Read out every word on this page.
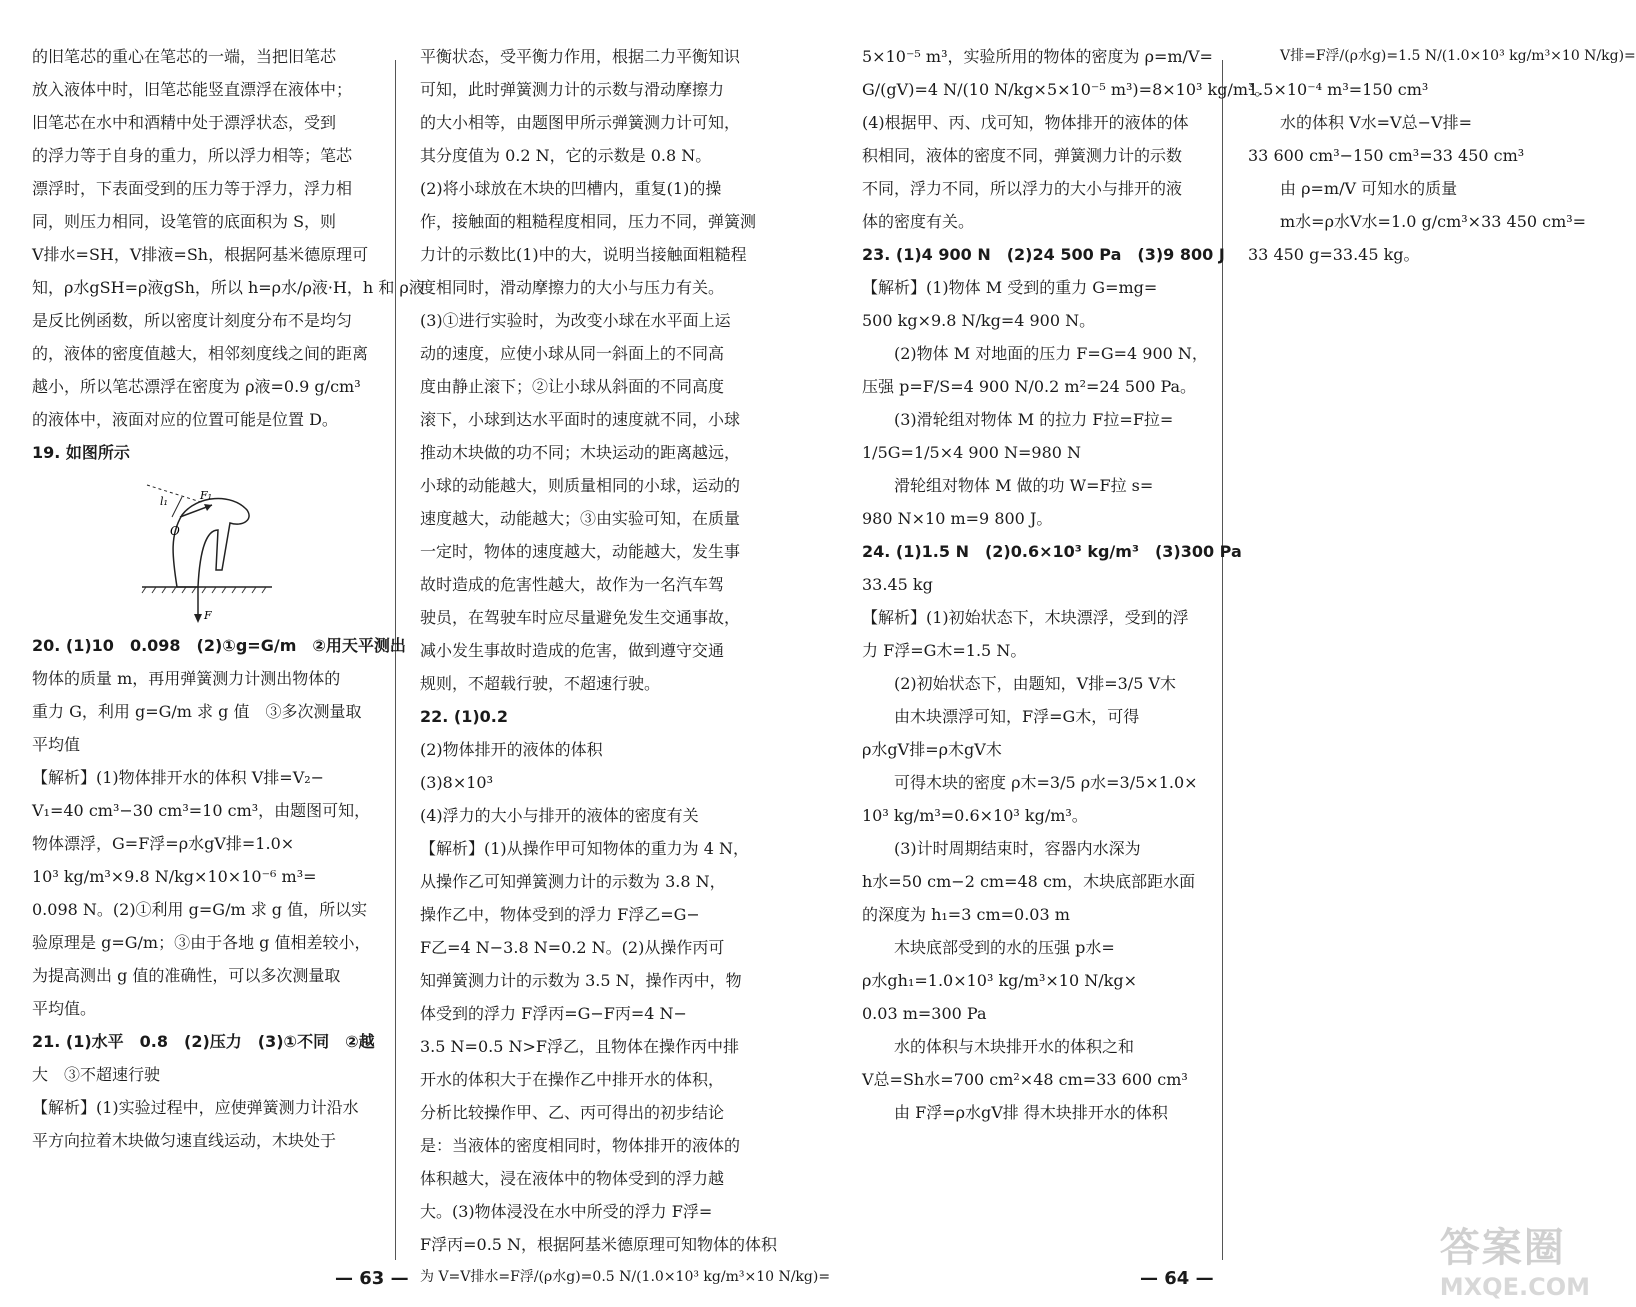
的旧笔芯的重心在笔芯的一端，当把旧笔芯
放入液体中时，旧笔芯能竖直漂浮在液体中；
旧笔芯在水中和酒精中处于漂浮状态，受到
的浮力等于自身的重力，所以浮力相等；笔芯
漂浮时，下表面受到的压力等于浮力，浮力相
同，则压力相同，设笔管的底面积为 S，则
V排水=SH，V排液=Sh，根据阿基米德原理可
知，ρ水gSH=ρ液gSh，所以 h=ρ水/ρ液·H，h 和 ρ液
是反比例函数，所以密度计刻度分布不是均匀
的，液体的密度值越大，相邻刻度线之间的距离
越小，所以笔芯漂浮在密度为 ρ液=0.9 g/cm³
的液体中，液面对应的位置可能是位置 D。
19. 如图所示
F₁
l₁
O
F
20. (1)10　0.098　(2)①g=G/m　②用天平测出
物体的质量 m，再用弹簧测力计测出物体的
重力 G，利用 g=G/m 求 g 值　③多次测量取
平均值
【解析】(1)物体排开水的体积 V排=V₂−
V₁=40 cm³−30 cm³=10 cm³，由题图可知，
物体漂浮，G=F浮=ρ水gV排=1.0×
10³ kg/m³×9.8 N/kg×10×10⁻⁶ m³=
0.098 N。(2)①利用 g=G/m 求 g 值，所以实
验原理是 g=G/m；③由于各地 g 值相差较小，
为提高测出 g 值的准确性，可以多次测量取
平均值。
21. (1)水平　0.8　(2)压力　(3)①不同　②越
大　③不超速行驶
【解析】(1)实验过程中，应使弹簧测力计沿水
平方向拉着木块做匀速直线运动，木块处于
平衡状态，受平衡力作用，根据二力平衡知识
可知，此时弹簧测力计的示数与滑动摩擦力
的大小相等，由题图甲所示弹簧测力计可知，
其分度值为 0.2 N，它的示数是 0.8 N。
(2)将小球放在木块的凹槽内，重复(1)的操
作，接触面的粗糙程度相同，压力不同，弹簧测
力计的示数比(1)中的大，说明当接触面粗糙程
度相同时，滑动摩擦力的大小与压力有关。
(3)①进行实验时，为改变小球在水平面上运
动的速度，应使小球从同一斜面上的不同高
度由静止滚下；②让小球从斜面的不同高度
滚下，小球到达水平面时的速度就不同，小球
推动木块做的功不同；木块运动的距离越远，
小球的动能越大，则质量相同的小球，运动的
速度越大，动能越大；③由实验可知，在质量
一定时，物体的速度越大，动能越大，发生事
故时造成的危害性越大，故作为一名汽车驾
驶员，在驾驶车时应尽量避免发生交通事故，
减小发生事故时造成的危害，做到遵守交通
规则，不超载行驶，不超速行驶。
22. (1)0.2
(2)物体排开的液体的体积
(3)8×10³
(4)浮力的大小与排开的液体的密度有关
【解析】(1)从操作甲可知物体的重力为 4 N，
从操作乙可知弹簧测力计的示数为 3.8 N，
操作乙中，物体受到的浮力 F浮乙=G−
F乙=4 N−3.8 N=0.2 N。(2)从操作丙可
知弹簧测力计的示数为 3.5 N，操作丙中，物
体受到的浮力 F浮丙=G−F丙=4 N−
3.5 N=0.5 N>F浮乙，且物体在操作丙中排
开水的体积大于在操作乙中排开水的体积，
分析比较操作甲、乙、丙可得出的初步结论
是：当液体的密度相同时，物体排开的液体的
体积越大，浸在液体中的物体受到的浮力越
大。(3)物体浸没在水中所受的浮力 F浮=
F浮丙=0.5 N，根据阿基米德原理可知物体的体积
为 V=V排水=F浮/(ρ水g)=0.5 N/(1.0×10³ kg/m³×10 N/kg)=
5×10⁻⁵ m³，实验所用的物体的密度为 ρ=m/V=
G/(gV)=4 N/(10 N/kg×5×10⁻⁵ m³)=8×10³ kg/m³。
(4)根据甲、丙、戊可知，物体排开的液体的体
积相同，液体的密度不同，弹簧测力计的示数
不同，浮力不同，所以浮力的大小与排开的液
体的密度有关。
23. (1)4 900 N　(2)24 500 Pa　(3)9 800 J
【解析】(1)物体 M 受到的重力 G=mg=
500 kg×9.8 N/kg=4 900 N。
(2)物体 M 对地面的压力 F=G=4 900 N，
压强 p=F/S=4 900 N/0.2 m²=24 500 Pa。
(3)滑轮组对物体 M 的拉力 F拉=F拉=
1/5G=1/5×4 900 N=980 N
滑轮组对物体 M 做的功 W=F拉 s=
980 N×10 m=9 800 J。
24. (1)1.5 N　(2)0.6×10³ kg/m³　(3)300 Pa
33.45 kg
【解析】(1)初始状态下，木块漂浮，受到的浮
力 F浮=G木=1.5 N。
(2)初始状态下，由题知，V排=3/5 V木
由木块漂浮可知，F浮=G木，可得
ρ水gV排=ρ木gV木
可得木块的密度 ρ木=3/5 ρ水=3/5×1.0×
10³ kg/m³=0.6×10³ kg/m³。
(3)计时周期结束时，容器内水深为
h水=50 cm−2 cm=48 cm，木块底部距水面
的深度为 h₁=3 cm=0.03 m
木块底部受到的水的压强 p水=
ρ水gh₁=1.0×10³ kg/m³×10 N/kg×
0.03 m=300 Pa
水的体积与木块排开水的体积之和
V总=Sh水=700 cm²×48 cm=33 600 cm³
由 F浮=ρ水gV排 得木块排开水的体积
V排=F浮/(ρ水g)=1.5 N/(1.0×10³ kg/m³×10 N/kg)=
1.5×10⁻⁴ m³=150 cm³
水的体积 V水=V总−V排=
33 600 cm³−150 cm³=33 450 cm³
由 ρ=m/V 可知水的质量
m水=ρ水V水=1.0 g/cm³×33 450 cm³=
33 450 g=33.45 kg。
— 63 —	— 64 —
答案圈
MXQE.COM
